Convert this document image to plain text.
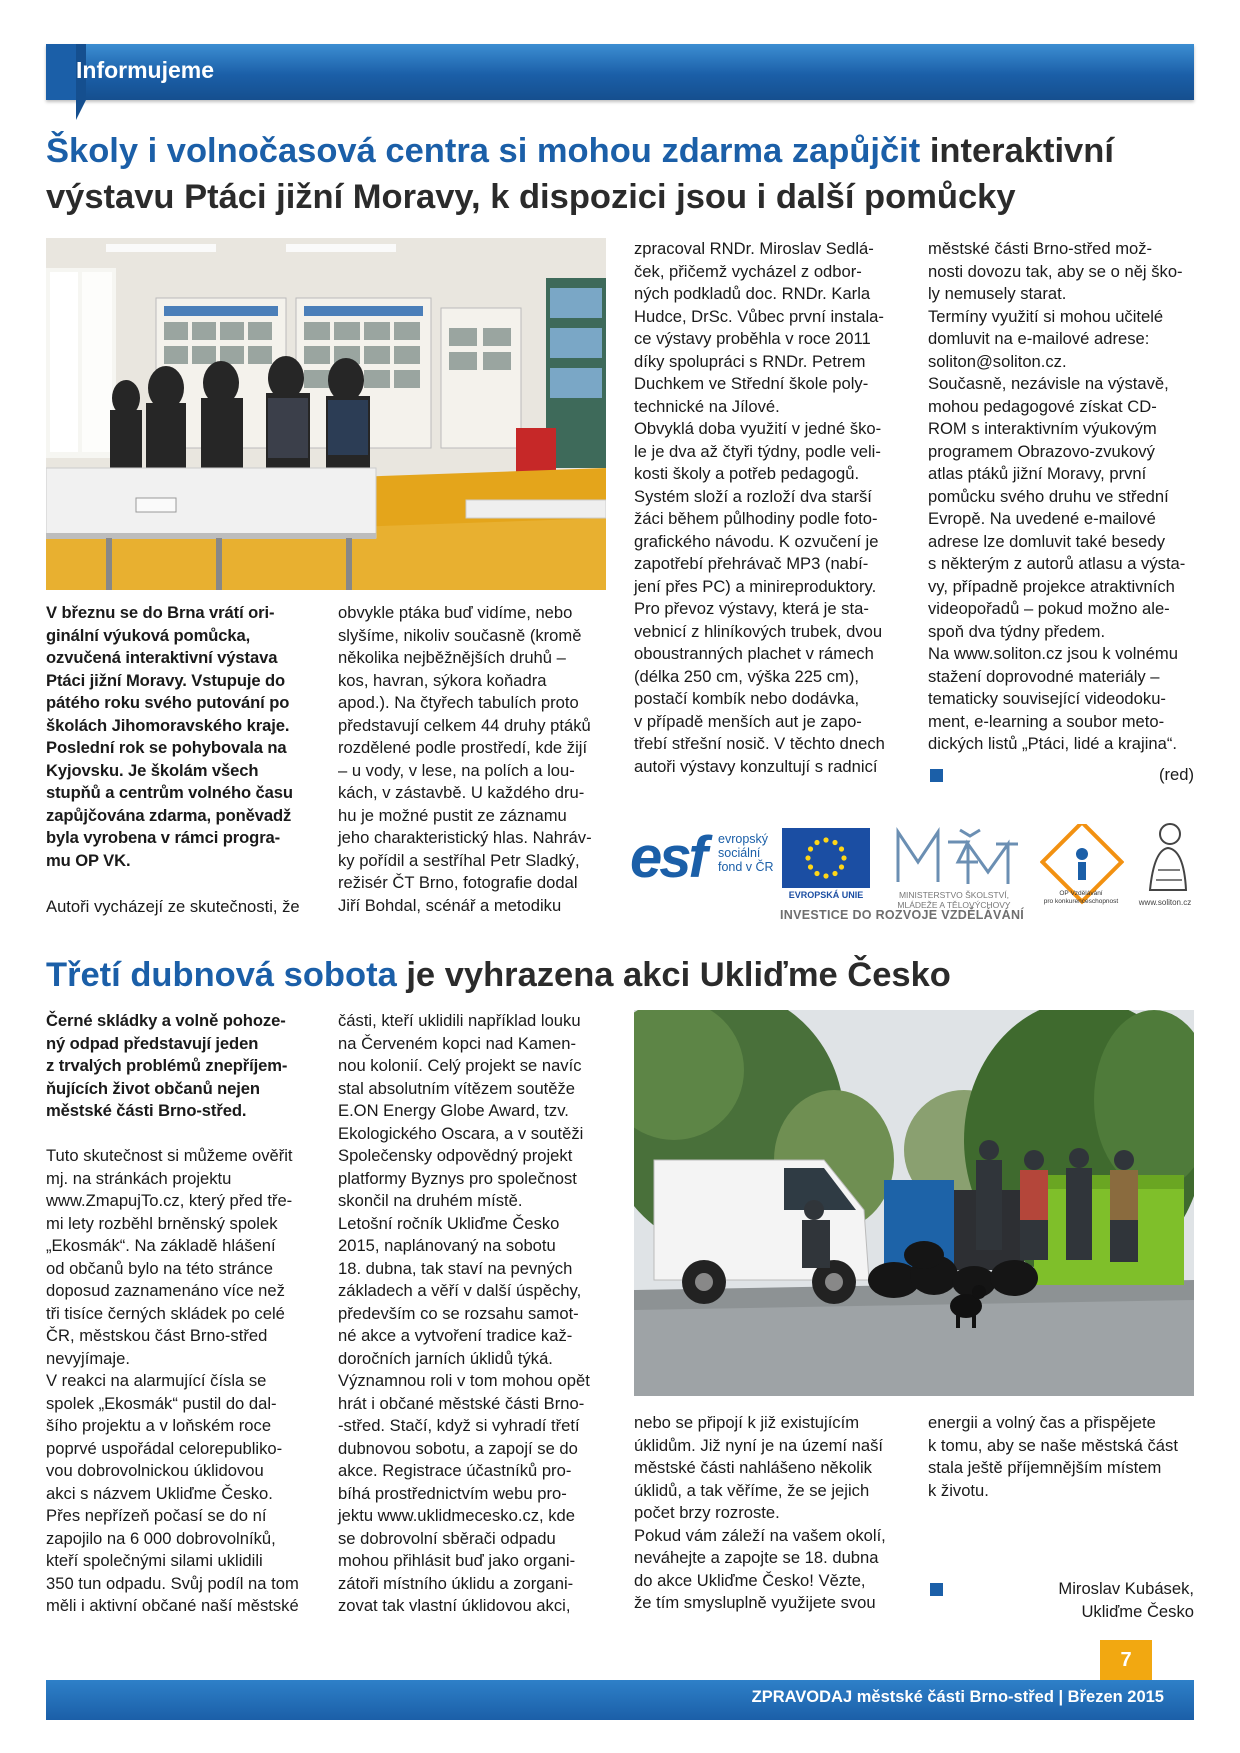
Informujeme
Školy i volnočasová centra si mohou zdarma zapůjčit interaktivní
výstavu Ptáci jižní Moravy, k dispozici jsou i další pomůcky
V březnu se do Brna vrátí ori-
ginální výuková pomůcka,
ozvučená interaktivní výstava
Ptáci jižní Moravy. Vstupuje do
pátého roku svého putování po
školách Jihomoravského kraje.
Poslední rok se pohybovala na
Kyjovsku. Je školám všech
stupňů a centrům volného času
zapůjčována zdarma, poněvadž
byla vyrobena v rámci progra-
mu OP VK.
Autoři vycházejí ze skutečnosti, že
obvykle ptáka buď vidíme, nebo
slyšíme, nikoliv současně (kromě
několika nejběžnějších druhů –
kos, havran, sýkora koňadra
apod.). Na čtyřech tabulích proto
představují celkem 44 druhy ptáků
rozdělené podle prostředí, kde žijí
– u vody, v lese, na polích a lou-
kách, v zástavbě. U každého dru-
hu je možné pustit ze záznamu
jeho charakteristický hlas. Nahráv-
ky pořídil a sestříhal Petr Sladký,
režisér ČT Brno, fotografie dodal
Jiří Bohdal, scénář a metodiku
zpracoval RNDr. Miroslav Sedlá-
ček, přičemž vycházel z odbor-
ných podkladů doc. RNDr. Karla
Hudce, DrSc. Vůbec první instala-
ce výstavy proběhla v roce 2011
díky spolupráci s RNDr. Petrem
Duchkem ve Střední škole poly-
technické na Jílové.
Obvyklá doba využití v jedné ško-
le je dva až čtyři týdny, podle veli-
kosti školy a potřeb pedagogů.
Systém složí a rozloží dva starší
žáci během půlhodiny podle foto-
grafického návodu. K ozvučení je
zapotřebí přehrávač MP3 (nabí-
jení přes PC) a minireproduktory.
Pro převoz výstavy, která je sta-
vebnicí z hliníkových trubek, dvou
oboustranných plachet v rámech
(délka 250 cm, výška 225 cm),
postačí kombík nebo dodávka,
v případě menších aut je zapo-
třebí střešní nosič. V těchto dnech
autoři výstavy konzultují s radnicí
městské části Brno-střed mož-
nosti dovozu tak, aby se o něj ško-
ly nemusely starat.
Termíny využití si mohou učitelé
domluvit na e-mailové adrese:
soliton@soliton.cz.
Současně, nezávisle na výstavě,
mohou pedagogové získat CD-
ROM s interaktivním výukovým
programem Obrazovo-zvukový
atlas ptáků jižní Moravy, první
pomůcku svého druhu ve střední
Evropě. Na uvedené e-mailové
adrese lze domluvit také besedy
s některým z autorů atlasu a výsta-
vy, případně projekce atraktivních
videopořadů – pokud možno ale-
spoň dva týdny předem.
Na www.soliton.cz jsou k volnému
stažení doprovodné materiály –
tematicky související videodoku-
ment, e-learning a soubor meto-
dických listů „Ptáci, lidé a krajina“.
(red)
esf evropský
sociální
fond v ČR
EVROPSKÁ UNIE	MINISTERSTVO ŠKOLSTVÍ,
MLÁDEŽE A TĚLOVÝCHOVY
OP Vzdělávání
pro konkurenceschopnost	www.soliton.cz
INVESTICE DO ROZVOJE VZDĚLÁVÁNÍ
Třetí dubnová sobota je vyhrazena akci Ukliďme Česko
Černé skládky a volně pohoze-
ný odpad představují jeden
z trvalých problémů znepříjem-
ňujících život občanů nejen
městské části Brno-střed.
Tuto skutečnost si můžeme ověřit
mj. na stránkách projektu
www.ZmapujTo.cz, který před tře-
mi lety rozběhl brněnský spolek
„Ekosmák“. Na základě hlášení
od občanů bylo na této stránce
doposud zaznamenáno více než
tři tisíce černých skládek po celé
ČR, městskou část Brno-střed
nevyjímaje.
V reakci na alarmující čísla se
spolek „Ekosmák“ pustil do dal-
šího projektu a v loňském roce
poprvé uspořádal celorepubliko-
vou dobrovolnickou úklidovou
akci s názvem Ukliďme Česko.
Přes nepřízeň počasí se do ní
zapojilo na 6 000 dobrovolníků,
kteří společnými silami uklidili
350 tun odpadu. Svůj podíl na tom
měli i aktivní občané naší městské
části, kteří uklidili například louku
na Červeném kopci nad Kamen-
nou kolonií. Celý projekt se navíc
stal absolutním vítězem soutěže
E.ON Energy Globe Award, tzv.
Ekologického Oscara, a v soutěži
Společensky odpovědný projekt
platformy Byznys pro společnost
skončil na druhém místě.
Letošní ročník Ukliďme Česko
2015, naplánovaný na sobotu
18. dubna, tak staví na pevných
základech a věří v další úspěchy,
především co se rozsahu samot-
né akce a vytvoření tradice kaž-
doročních jarních úklidů týká.
Významnou roli v tom mohou opět
hrát i občané městské části Brno-
-střed. Stačí, když si vyhradí třetí
dubnovou sobotu, a zapojí se do
akce. Registrace účastníků pro-
bíhá prostřednictvím webu pro-
jektu www.uklidmecesko.cz, kde
se dobrovolní sběrači odpadu
mohou přihlásit buď jako organi-
zátoři místního úklidu a zorgani-
zovat tak vlastní úklidovou akci,
nebo se připojí k již existujícím
úklidům. Již nyní je na území naší
městské části nahlášeno několik
úklidů, a tak věříme, že se jejich
počet brzy rozroste.
Pokud vám záleží na vašem okolí,
neváhejte a zapojte se 18. dubna
do akce Ukliďme Česko! Vězte,
že tím smysluplně využijete svou
energii a volný čas a přispějete
k tomu, aby se naše městská část
stala ještě příjemnějším místem
k životu.
Miroslav Kubásek,
Ukliďme Česko
7
ZPRAVODAJ městské části Brno-střed | Březen 2015
